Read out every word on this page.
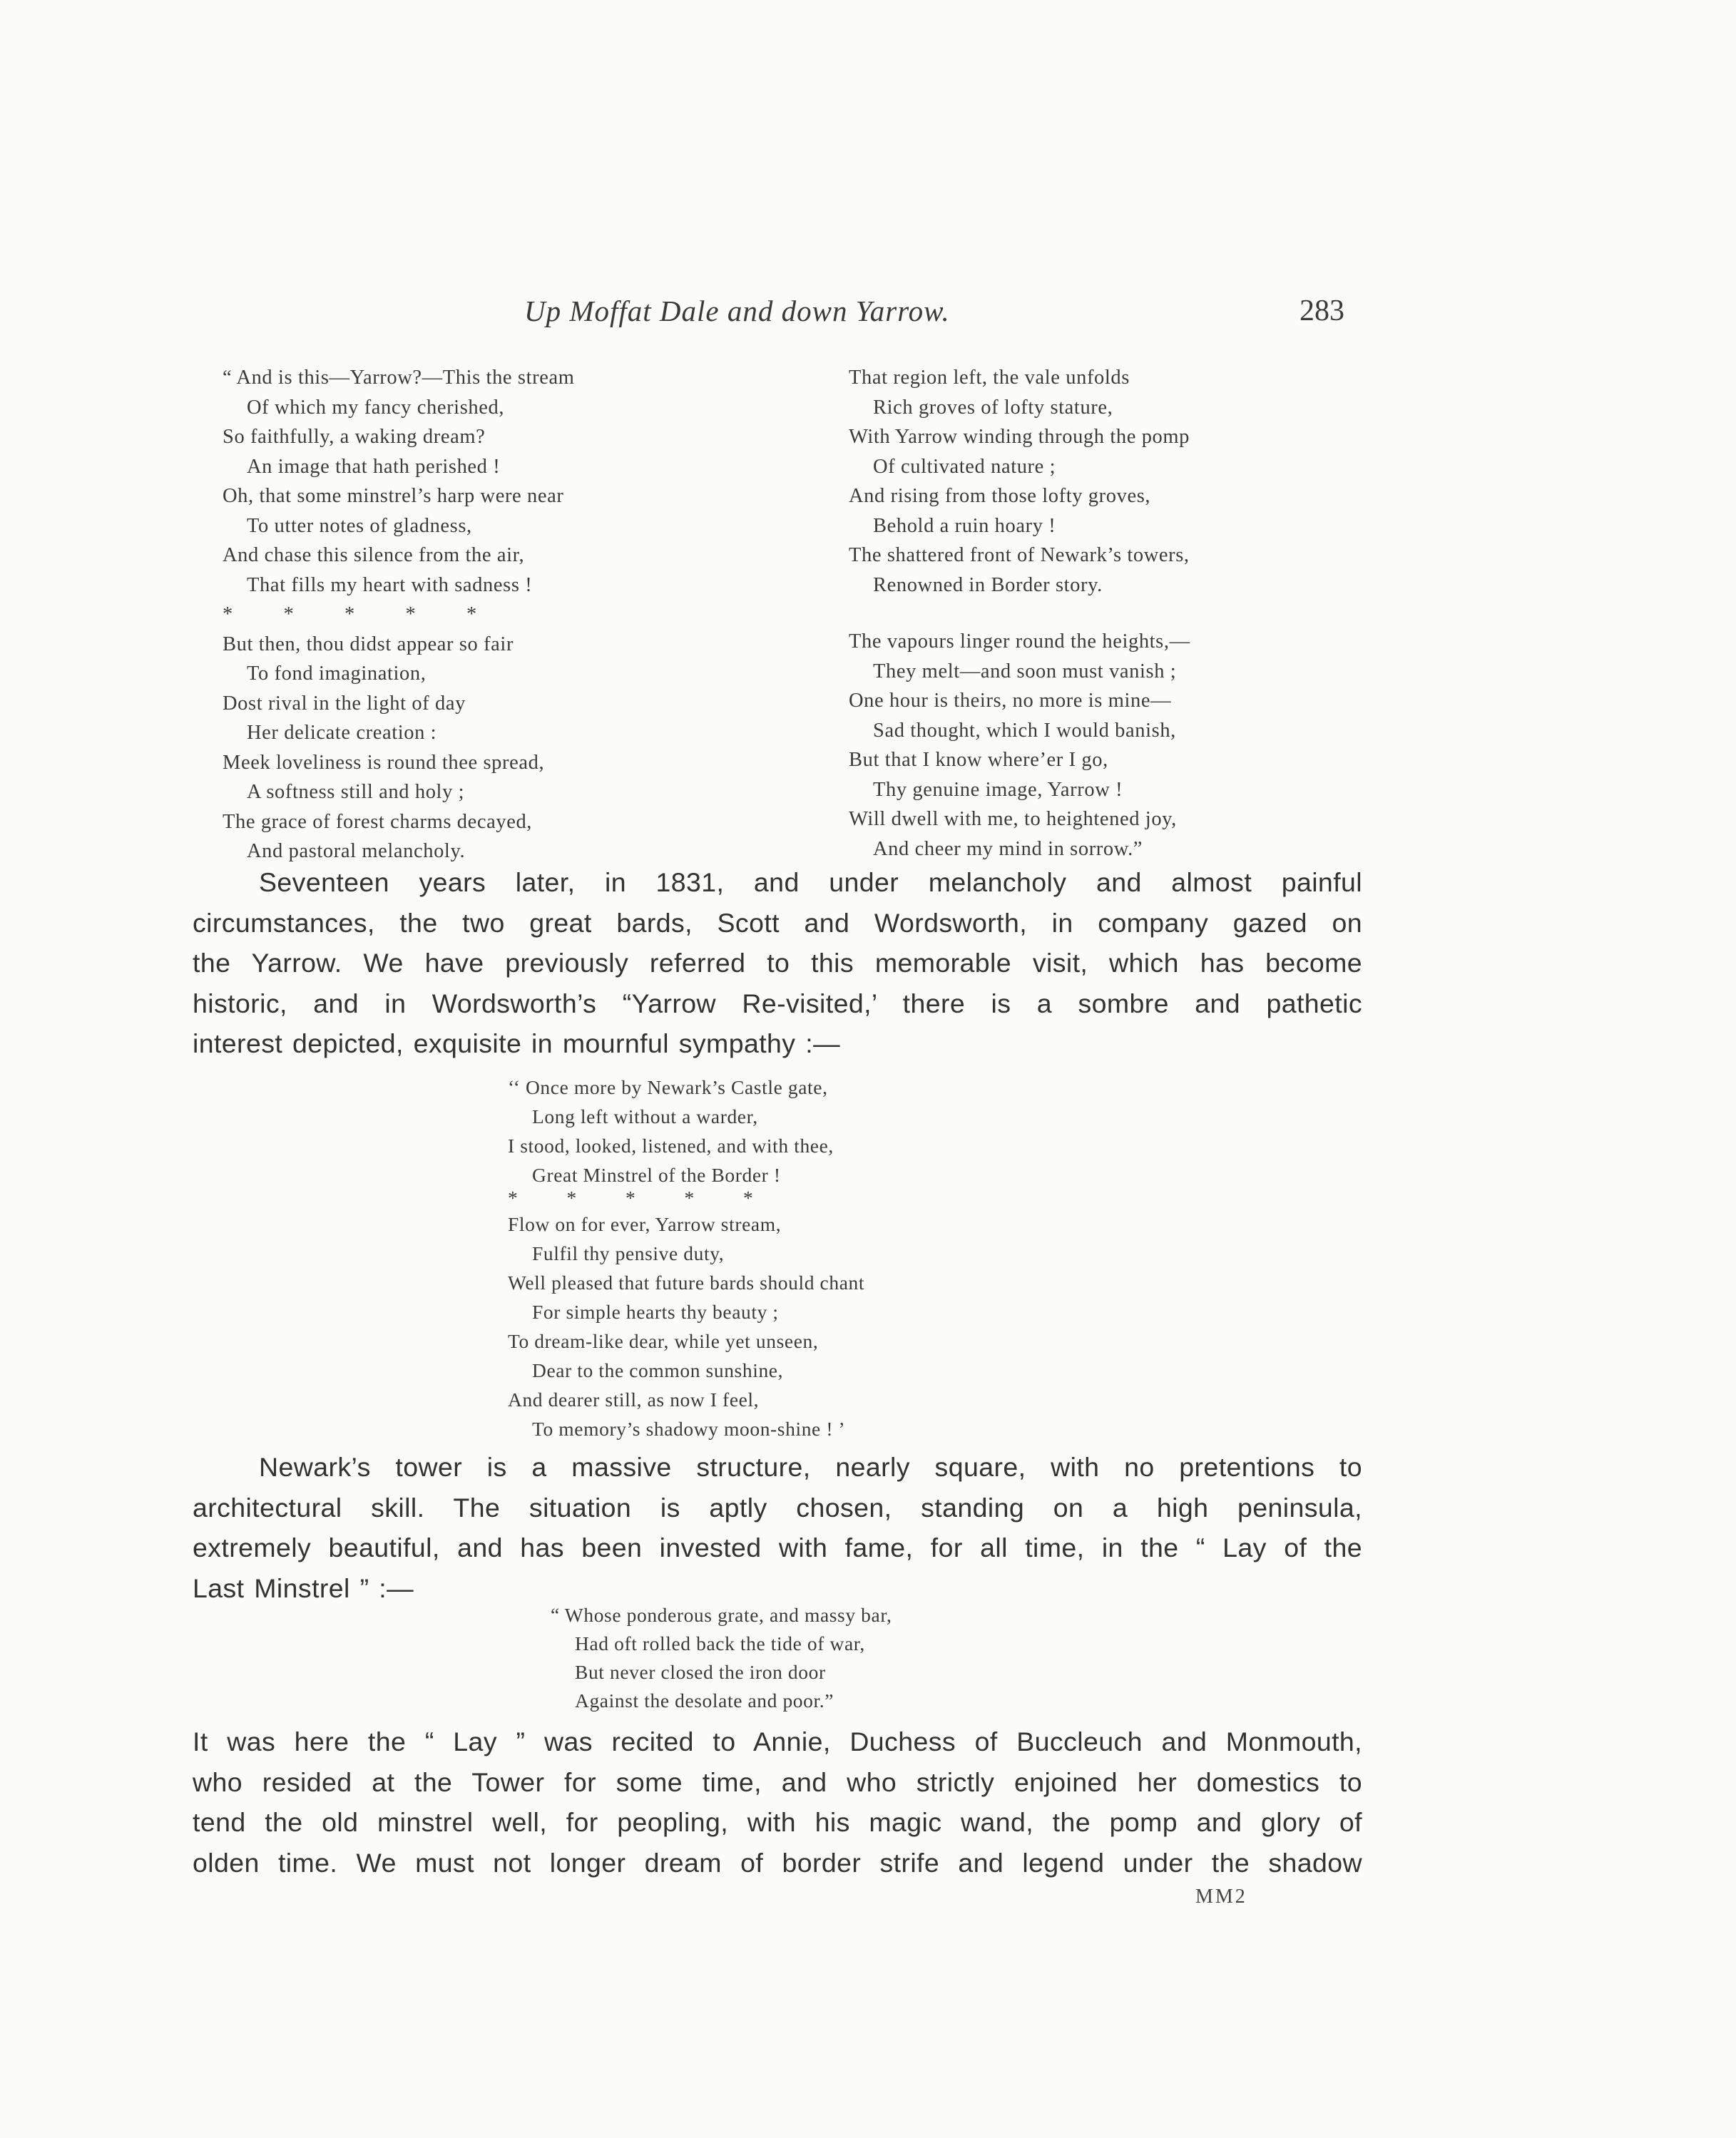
Up Moffat Dale and down Yarrow.	283
“ And is this—Yarrow?—This the stream
Of which my fancy cherished,
So faithfully, a waking dream?
An image that hath perished !
Oh, that some minstrel’s harp were near
To utter notes of gladness,
And chase this silence from the air,
That fills my heart with sadness !
*          *          *          *          *
But then, thou didst appear so fair
To fond imagination,
Dost rival in the light of day
Her delicate creation :
Meek loveliness is round thee spread,
A softness still and holy ;
The grace of forest charms decayed,
And pastoral melancholy.
That region left, the vale unfolds
Rich groves of lofty stature,
With Yarrow winding through the pomp
Of cultivated nature ;
And rising from those lofty groves,
Behold a ruin hoary !
The shattered front of Newark’s towers,
Renowned in Border story.
The vapours linger round the heights,—
They melt—and soon must vanish ;
One hour is theirs, no more is mine—
Sad thought, which I would banish,
But that I know where’er I go,
Thy genuine image, Yarrow !
Will dwell with me, to heightened joy,
And cheer my mind in sorrow.”
Seventeen years later, in 1831, and under melancholy and almost painful
circumstances, the two great bards, Scott and Wordsworth, in company gazed on
the Yarrow. We have previously referred to this memorable visit, which has become
historic, and in Wordsworth’s “Yarrow Re-visited,’ there is a sombre and pathetic
interest depicted, exquisite in mournful sympathy :—
‘‘ Once more by Newark’s Castle gate,
Long left without a warder,
I stood, looked, listened, and with thee,
Great Minstrel of the Border !
*          *          *          *          *
Flow on for ever, Yarrow stream,
Fulfil thy pensive duty,
Well pleased that future bards should chant
For simple hearts thy beauty ;
To dream-like dear, while yet unseen,
Dear to the common sunshine,
And dearer still, as now I feel,
To memory’s shadowy moon-shine ! ’
Newark’s tower is a massive structure, nearly square, with no pretentions to
architectural skill. The situation is aptly chosen, standing on a high peninsula,
extremely beautiful, and has been invested with fame, for all time, in the “ Lay of the
Last Minstrel ” :—
“ Whose ponderous grate, and massy bar,
Had oft rolled back the tide of war,
But never closed the iron door
Against the desolate and poor.”
It was here the “ Lay ” was recited to Annie, Duchess of Buccleuch and Monmouth,
who resided at the Tower for some time, and who strictly enjoined her domestics to
tend the old minstrel well, for peopling, with his magic wand, the pomp and glory of
olden time. We must not longer dream of border strife and legend under the shadow
MM2
